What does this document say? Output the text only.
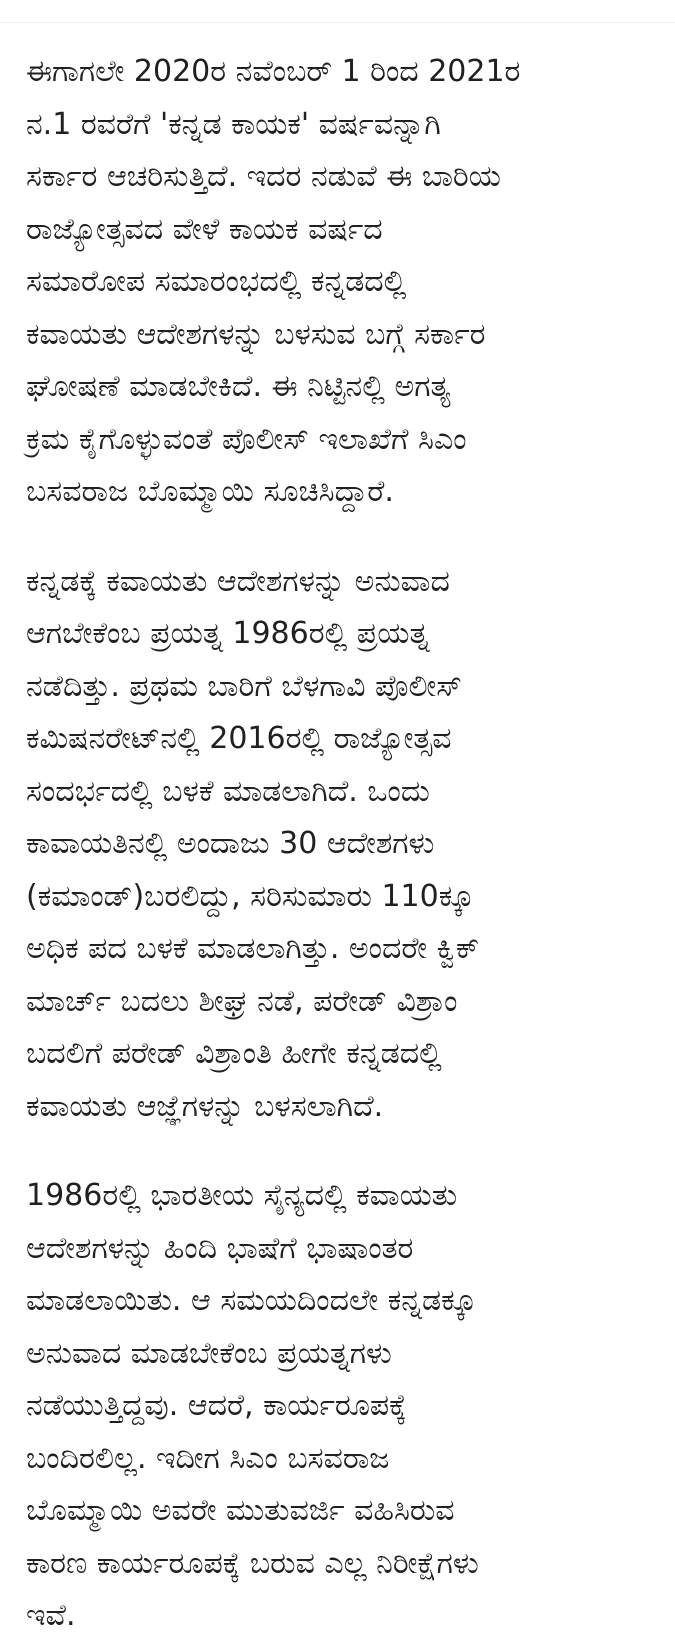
ಈಗಾಗಲೇ 2020ರ ನವೆಂಬರ್ 1 ರಿಂದ 2021ರ
ನ.1 ರವರೆಗೆ 'ಕನ್ನಡ ಕಾಯಕ' ವರ್ಷವನ್ನಾಗಿ
ಸರ್ಕಾರ ಆಚರಿಸುತ್ತಿದೆ. ಇದರ ನಡುವೆ ಈ ಬಾರಿಯ
ರಾಜ್ಯೋತ್ಸವದ ವೇಳೆ ಕಾಯಕ ವರ್ಷದ
ಸಮಾರೋಪ ಸಮಾರಂಭದಲ್ಲಿ ಕನ್ನಡದಲ್ಲಿ
ಕವಾಯತು ಆದೇಶಗಳನ್ನು ಬಳಸುವ ಬಗ್ಗೆ ಸರ್ಕಾರ
ಘೋಷಣೆ ಮಾಡಬೇಕಿದೆ. ಈ ನಿಟ್ಟಿನಲ್ಲಿ ಅಗತ್ಯ
ಕ್ರಮ ಕೈಗೊಳ್ಳುವಂತೆ ಪೊಲೀಸ್ ಇಲಾಖೆಗೆ ಸಿಎಂ
ಬಸವರಾಜ ಬೊಮ್ಮಾಯಿ ಸೂಚಿಸಿದ್ದಾರೆ.

ಕನ್ನಡಕ್ಕೆ ಕವಾಯತು ಆದೇಶಗಳನ್ನು ಅನುವಾದ
ಆಗಬೇಕೆಂಬ ಪ್ರಯತ್ನ 1986ರಲ್ಲಿ ಪ್ರಯತ್ನ
ನಡೆದಿತ್ತು. ಪ್ರಥಮ ಬಾರಿಗೆ ಬೆಳಗಾವಿ ಪೊಲೀಸ್
ಕಮಿಷನರೇಟ್‌ನಲ್ಲಿ 2016ರಲ್ಲಿ ರಾಜ್ಯೋತ್ಸವ
ಸಂದರ್ಭದಲ್ಲಿ ಬಳಕೆ ಮಾಡಲಾಗಿದೆ. ಒಂದು
ಕಾವಾಯತಿನಲ್ಲಿ ಅಂದಾಜು 30 ಆದೇಶಗಳು
(ಕಮಾಂಡ್)ಬರಲಿದ್ದು, ಸರಿಸುಮಾರು 110ಕ್ಕೂ
ಅಧಿಕ ಪದ ಬಳಕೆ ಮಾಡಲಾಗಿತ್ತು. ಅಂದರೇ ಕ್ವಿಕ್
ಮಾರ್ಚ್ ಬದಲು ಶೀಘ್ರ ನಡೆ, ಪರೇಡ್ ವಿಶ್ರಾಂ
ಬದಲಿಗೆ ಪರೇಡ್ ವಿಶ್ರಾಂತಿ ಹೀಗೇ ಕನ್ನಡದಲ್ಲಿ
ಕವಾಯತು ಆಜ್ಞೆಗಳನ್ನು ಬಳಸಲಾಗಿದೆ.

1986ರಲ್ಲಿ ಭಾರತೀಯ ಸೈನ್ಯದಲ್ಲಿ ಕವಾಯತು
ಆದೇಶಗಳನ್ನು ಹಿಂದಿ ಭಾಷೆಗೆ ಭಾಷಾಂತರ
ಮಾಡಲಾಯಿತು. ಆ ಸಮಯದಿಂದಲೇ ಕನ್ನಡಕ್ಕೂ
ಅನುವಾದ ಮಾಡಬೇಕೆಂಬ ಪ್ರಯತ್ನಗಳು
ನಡೆಯುತ್ತಿದ್ದವು. ಆದರೆ, ಕಾರ್ಯರೂಪಕ್ಕೆ
ಬಂದಿರಲಿಲ್ಲ. ಇದೀಗ ಸಿಎಂ ಬಸವರಾಜ
ಬೊಮ್ಮಾಯಿ ಅವರೇ ಮುತುವರ್ಜಿ ವಹಿಸಿರುವ
ಕಾರಣ ಕಾರ್ಯರೂಪಕ್ಕೆ ಬರುವ ಎಲ್ಲ ನಿರೀಕ್ಷೆಗಳು
ಇವೆ.
